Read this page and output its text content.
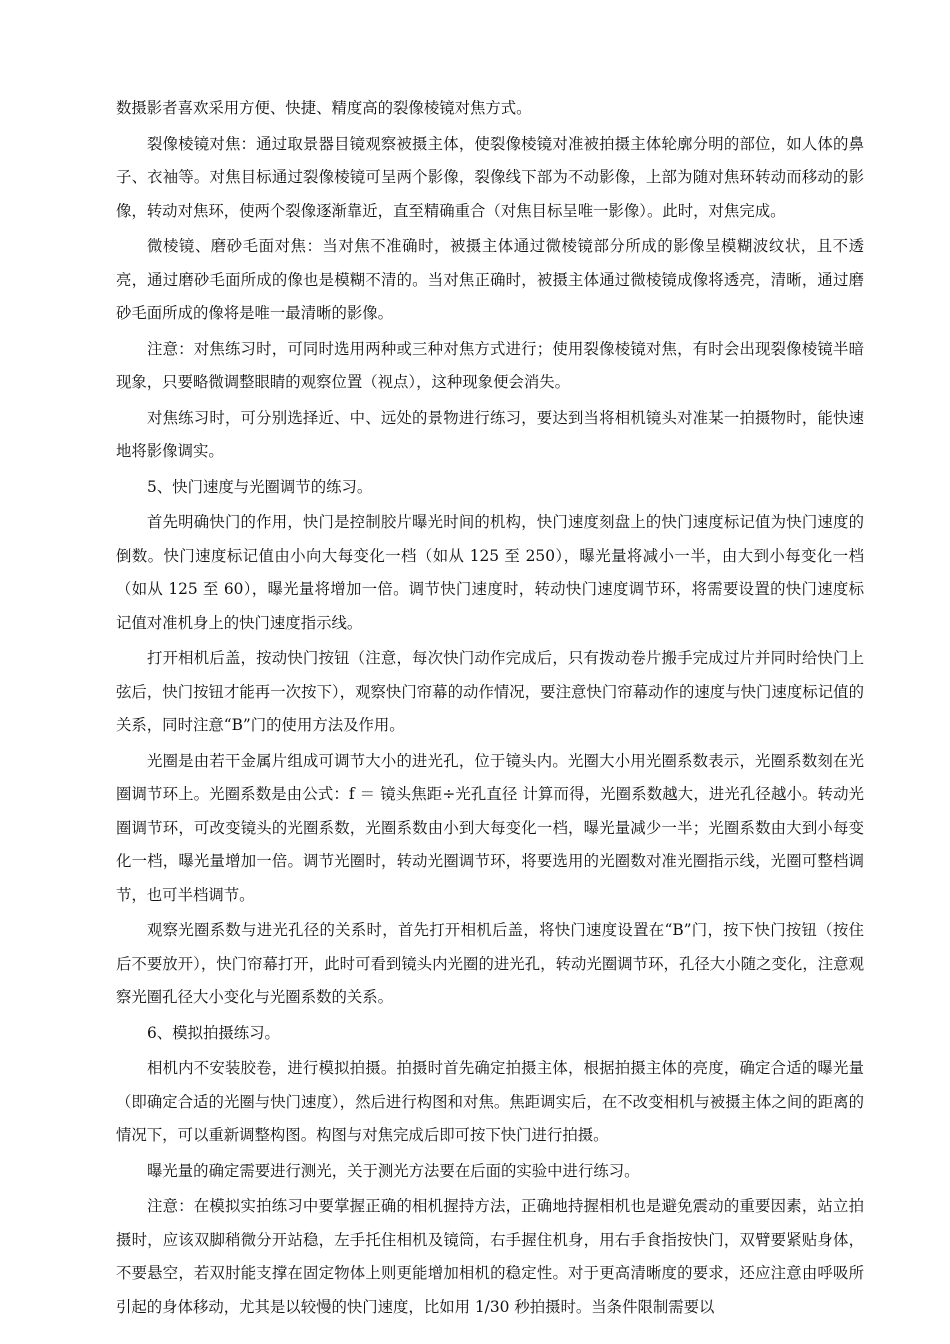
数摄影者喜欢采用方便、快捷、精度高的裂像棱镜对焦方式。

裂像棱镜对焦：通过取景器目镜观察被摄主体，使裂像棱镜对准被拍摄主体轮廓分明的部位，如人体的鼻子、衣袖等。对焦目标通过裂像棱镜可呈两个影像，裂像线下部为不动影像，上部为随对焦环转动而移动的影像，转动对焦环，使两个裂像逐渐靠近，直至精确重合（对焦目标呈唯一影像）。此时，对焦完成。

微棱镜、磨砂毛面对焦：当对焦不准确时，被摄主体通过微棱镜部分所成的影像呈模糊波纹状，且不透亮，通过磨砂毛面所成的像也是模糊不清的。当对焦正确时，被摄主体通过微棱镜成像将透亮，清晰，通过磨砂毛面所成的像将是唯一最清晰的影像。

注意：对焦练习时，可同时选用两种或三种对焦方式进行；使用裂像棱镜对焦，有时会出现裂像棱镜半暗现象，只要略微调整眼睛的观察位置（视点），这种现象便会消失。

对焦练习时，可分别选择近、中、远处的景物进行练习，要达到当将相机镜头对准某一拍摄物时，能快速地将影像调实。

5、快门速度与光圈调节的练习。

首先明确快门的作用，快门是控制胶片曝光时间的机构，快门速度刻盘上的快门速度标记值为快门速度的倒数。快门速度标记值由小向大每变化一档（如从 125 至 250），曝光量将减小一半，由大到小每变化一档（如从 125 至 60），曝光量将增加一倍。调节快门速度时，转动快门速度调节环，将需要设置的快门速度标记值对准机身上的快门速度指示线。

打开相机后盖，按动快门按钮（注意，每次快门动作完成后，只有拨动卷片搬手完成过片并同时给快门上弦后，快门按钮才能再一次按下），观察快门帘幕的动作情况，要注意快门帘幕动作的速度与快门速度标记值的关系，同时注意“B”门的使用方法及作用。

光圈是由若干金属片组成可调节大小的进光孔，位于镜头内。光圈大小用光圈系数表示，光圈系数刻在光圈调节环上。光圈系数是由公式：f ＝ 镜头焦距÷光孔直径 计算而得，光圈系数越大，进光孔径越小。转动光圈调节环，可改变镜头的光圈系数，光圈系数由小到大每变化一档，曝光量减少一半；光圈系数由大到小每变化一档，曝光量增加一倍。调节光圈时，转动光圈调节环，将要选用的光圈数对准光圈指示线，光圈可整档调节，也可半档调节。

观察光圈系数与进光孔径的关系时，首先打开相机后盖，将快门速度设置在“B”门，按下快门按钮（按住后不要放开），快门帘幕打开，此时可看到镜头内光圈的进光孔，转动光圈调节环，孔径大小随之变化，注意观察光圈孔径大小变化与光圈系数的关系。

6、模拟拍摄练习。

相机内不安装胶卷，进行模拟拍摄。拍摄时首先确定拍摄主体，根据拍摄主体的亮度，确定合适的曝光量（即确定合适的光圈与快门速度），然后进行构图和对焦。焦距调实后，在不改变相机与被摄主体之间的距离的情况下，可以重新调整构图。构图与对焦完成后即可按下快门进行拍摄。

曝光量的确定需要进行测光，关于测光方法要在后面的实验中进行练习。

注意：在模拟实拍练习中要掌握正确的相机握持方法，正确地持握相机也是避免震动的重要因素，站立拍摄时，应该双脚稍微分开站稳，左手托住相机及镜筒，右手握住机身，用右手食指按快门，双臂要紧贴身体，不要悬空，若双肘能支撑在固定物体上则更能增加相机的稳定性。对于更高清晰度的要求，还应注意由呼吸所引起的身体移动，尤其是以较慢的快门速度，比如用 1/30 秒拍摄时。当条件限制需要以
